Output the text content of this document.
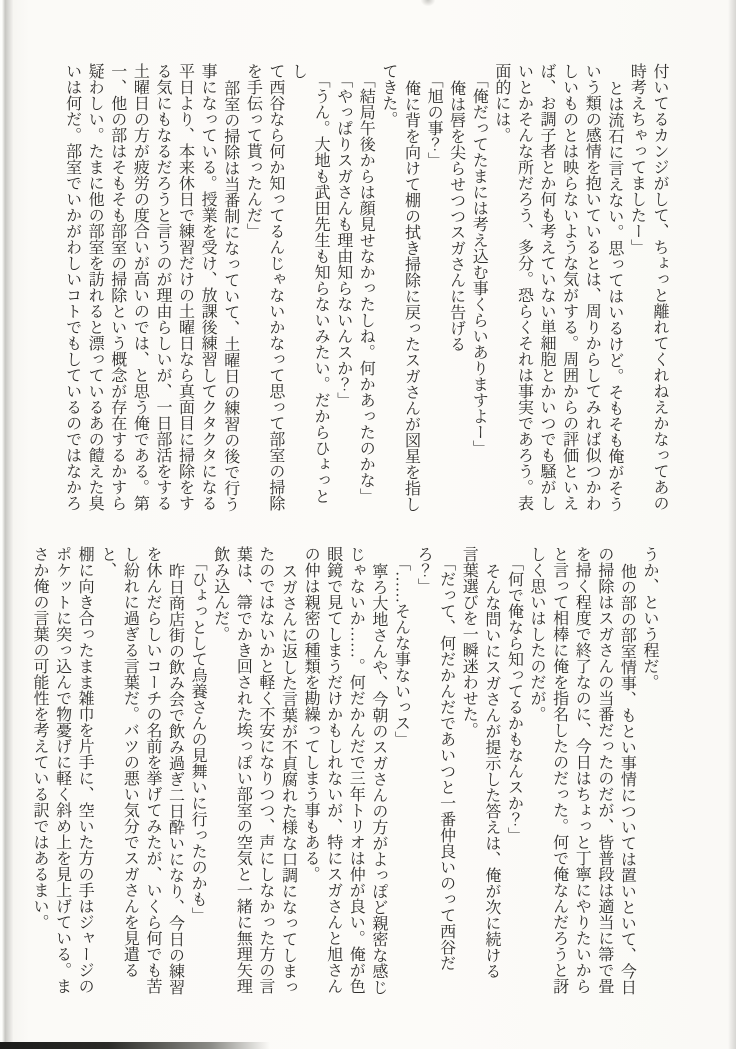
付いてるカンジがして、ちょっと離れてくれねえかなってあの
時考えちゃってましたー」
とは流石に言えない。思ってはいるけど。そもそも俺がそう
いう類の感情を抱いているとは、周りからしてみれば似つかわ
しいものとは映らないような気がする。周囲からの評価といえ
ば、お調子者とか何も考えていない単細胞とかいつでも騒がし
いとかそんな所だろう、多分。恐らくそれは事実であろう。表
面的には。
「俺だってたまには考え込む事くらいありますよー」
俺は唇を尖らせつつスガさんに告げる
「旭の事？」
俺に背を向けて棚の拭き掃除に戻ったスガさんが図星を指し
てきた。
「結局午後からは顔見せなかったしね。何かあったのかな」
「やっぱりスガさんも理由知らないんスか？」
「うん。大地も武田先生も知らないみたい。だからひょっとし
て西谷なら何か知ってるんじゃないかなって思って部室の掃除
を手伝って貰ったんだ」
部室の掃除は当番制になっていて、土曜日の練習の後で行う
事になっている。授業を受け、放課後練習してクタクタになる
平日より、本来休日で練習だけの土曜日なら真面目に掃除をす
る気にもなるだろうと言うのが理由らしいが、一日部活をする
土曜日の方が疲労の度合いが高いのでは、と思う俺である。第
一、他の部はそもそも部室の掃除という概念が存在するかすら
疑わしい。たまに他の部室を訪れると漂っているあの饐えた臭
いは何だ。部室でいかがわしいコトでもしているのではなかろ
うか、という程だ。
他の部の部室情事、もとい事情については置いといて、今日
の掃除はスガさんの当番だったのだが、皆普段は適当に箒で畳
を掃く程度で終了なのに、今日はちょっと丁寧にやりたいから
と言って相棒に俺を指名したのだった。何で俺なんだろうと訝
しく思いはしたのだが。
「何で俺なら知ってるかもなんスか？」
そんな問いにスガさんが提示した答えは、俺が次に続ける
言葉選びを一瞬迷わせた。
「だって、何だかんだであいつと一番仲良いのって西谷だろ？」
「……そんな事ないっス」
寧ろ大地さんや、今朝のスガさんの方がよっぽど親密な感じ
じゃないか……。何だかんだで三年トリオは仲が良い。俺が色
眼鏡で見てしまうだけかもしれないが、特にスガさんと旭さん
の仲は親密の種類を勘繰ってしまう事もある。
スガさんに返した言葉が不貞腐れた様な口調になってしまっ
たのではないかと軽く不安になりつつ、声にしなかった方の言
葉は、箒でかき回された埃っぽい部室の空気と一緒に無理矢理
飲み込んだ。
「ひょっとして烏養さんの見舞いに行ったのかも」
昨日商店街の飲み会で飲み過ぎ二日酔いになり、今日の練習
を休んだらしいコーチの名前を挙げてみたが、いくら何でも苦
し紛れに過ぎる言葉だ。バツの悪い気分でスガさんを見遣ると、
棚に向き合ったまま雑巾を片手に、空いた方の手はジャージの
ポケットに突っ込んで物憂げに軽く斜め上を見上げている。ま
さか俺の言葉の可能性を考えている訳ではあるまい。
